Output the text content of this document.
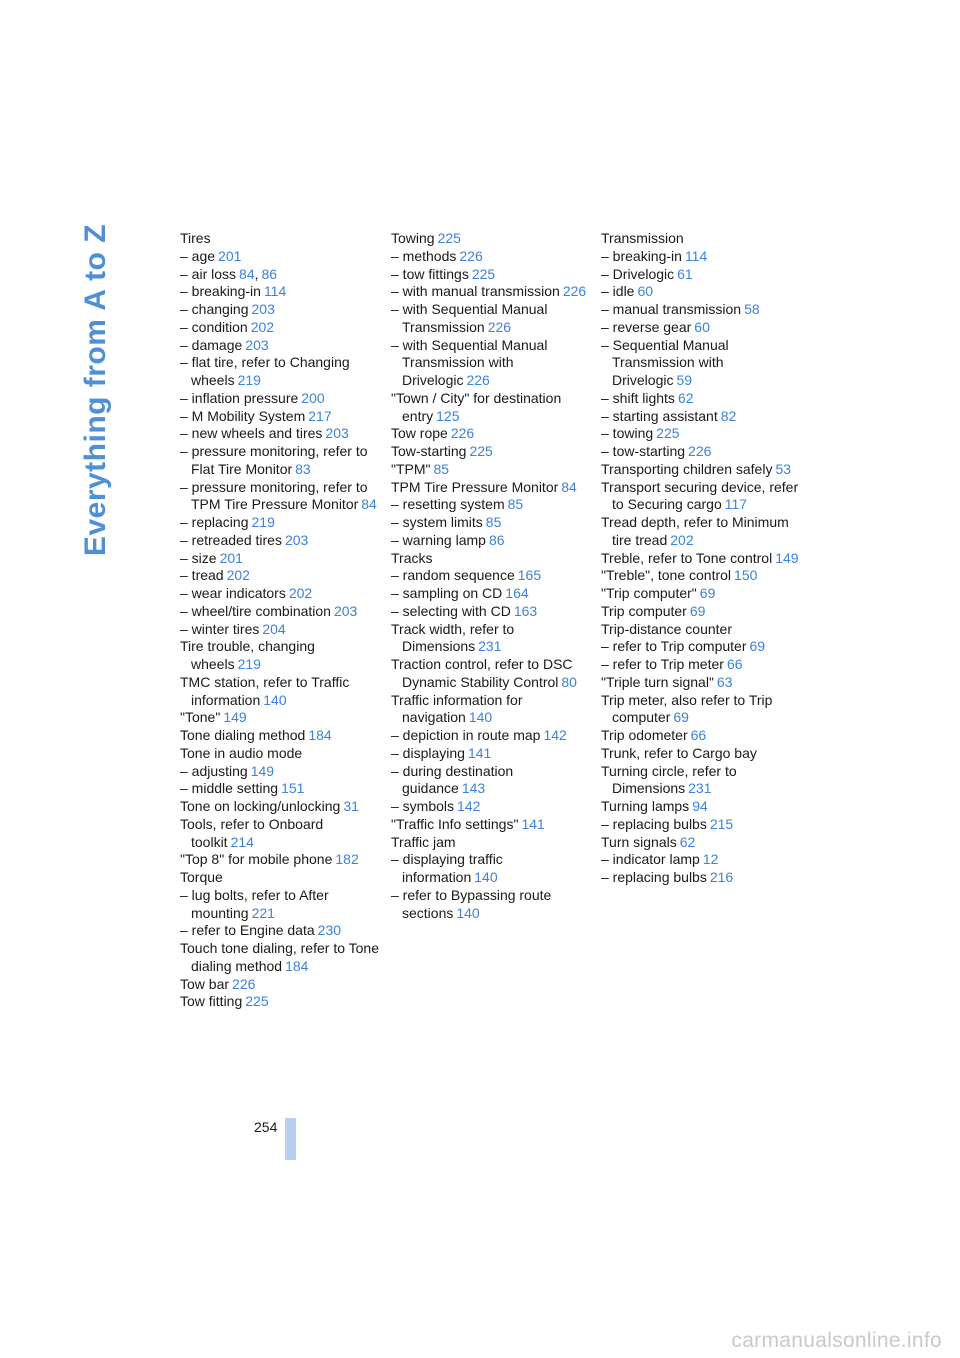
Everything from A to Z	Tires
– age 201
– air loss 84, 86
– breaking-in 114
– changing 203
– condition 202
– damage 203
– flat tire, refer to Changing wheels 219
– inflation pressure 200
– M Mobility System 217
– new wheels and tires 203
– pressure monitoring, refer to Flat Tire Monitor 83
– pressure monitoring, refer to TPM Tire Pressure Monitor 84
– replacing 219
– retreaded tires 203
– size 201
– tread 202
– wear indicators 202
– wheel/tire combination 203
– winter tires 204
Tire trouble, changing wheels 219
TMC station, refer to Traffic information 140
"Tone" 149
Tone dialing method 184
Tone in audio mode
– adjusting 149
– middle setting 151
Tone on locking/unlocking 31
Tools, refer to Onboard toolkit 214
"Top 8" for mobile phone 182
Torque
– lug bolts, refer to After mounting 221
– refer to Engine data 230
Touch tone dialing, refer to Tone dialing method 184
Tow bar 226
Tow fitting 225
Towing 225
– methods 226
– tow fittings 225
– with manual transmission 226
– with Sequential Manual Transmission 226
– with Sequential Manual Transmission with Drivelogic 226
"Town / City" for destination entry 125
Tow rope 226
Tow-starting 225
"TPM" 85
TPM Tire Pressure Monitor 84
– resetting system 85
– system limits 85
– warning lamp 86
Tracks
– random sequence 165
– sampling on CD 164
– selecting with CD 163
Track width, refer to Dimensions 231
Traction control, refer to DSC Dynamic Stability Control 80
Traffic information for navigation 140
– depiction in route map 142
– displaying 141
– during destination guidance 143
– symbols 142
"Traffic Info settings" 141
Traffic jam
– displaying traffic information 140
– refer to Bypassing route sections 140
Transmission
– breaking-in 114
– Drivelogic 61
– idle 60
– manual transmission 58
– reverse gear 60
– Sequential Manual Transmission with Drivelogic 59
– shift lights 62
– starting assistant 82
– towing 225
– tow-starting 226
Transporting children safely 53
Transport securing device, refer to Securing cargo 117
Tread depth, refer to Minimum tire tread 202
Treble, refer to Tone control 149
"Treble", tone control 150
"Trip computer" 69
Trip computer 69
Trip-distance counter
– refer to Trip computer 69
– refer to Trip meter 66
"Triple turn signal" 63
Trip meter, also refer to Trip computer 69
Trip odometer 66
Trunk, refer to Cargo bay
Turning circle, refer to Dimensions 231
Turning lamps 94
– replacing bulbs 215
Turn signals 62
– indicator lamp 12
– replacing bulbs 216
254
carmanualsonline.info
